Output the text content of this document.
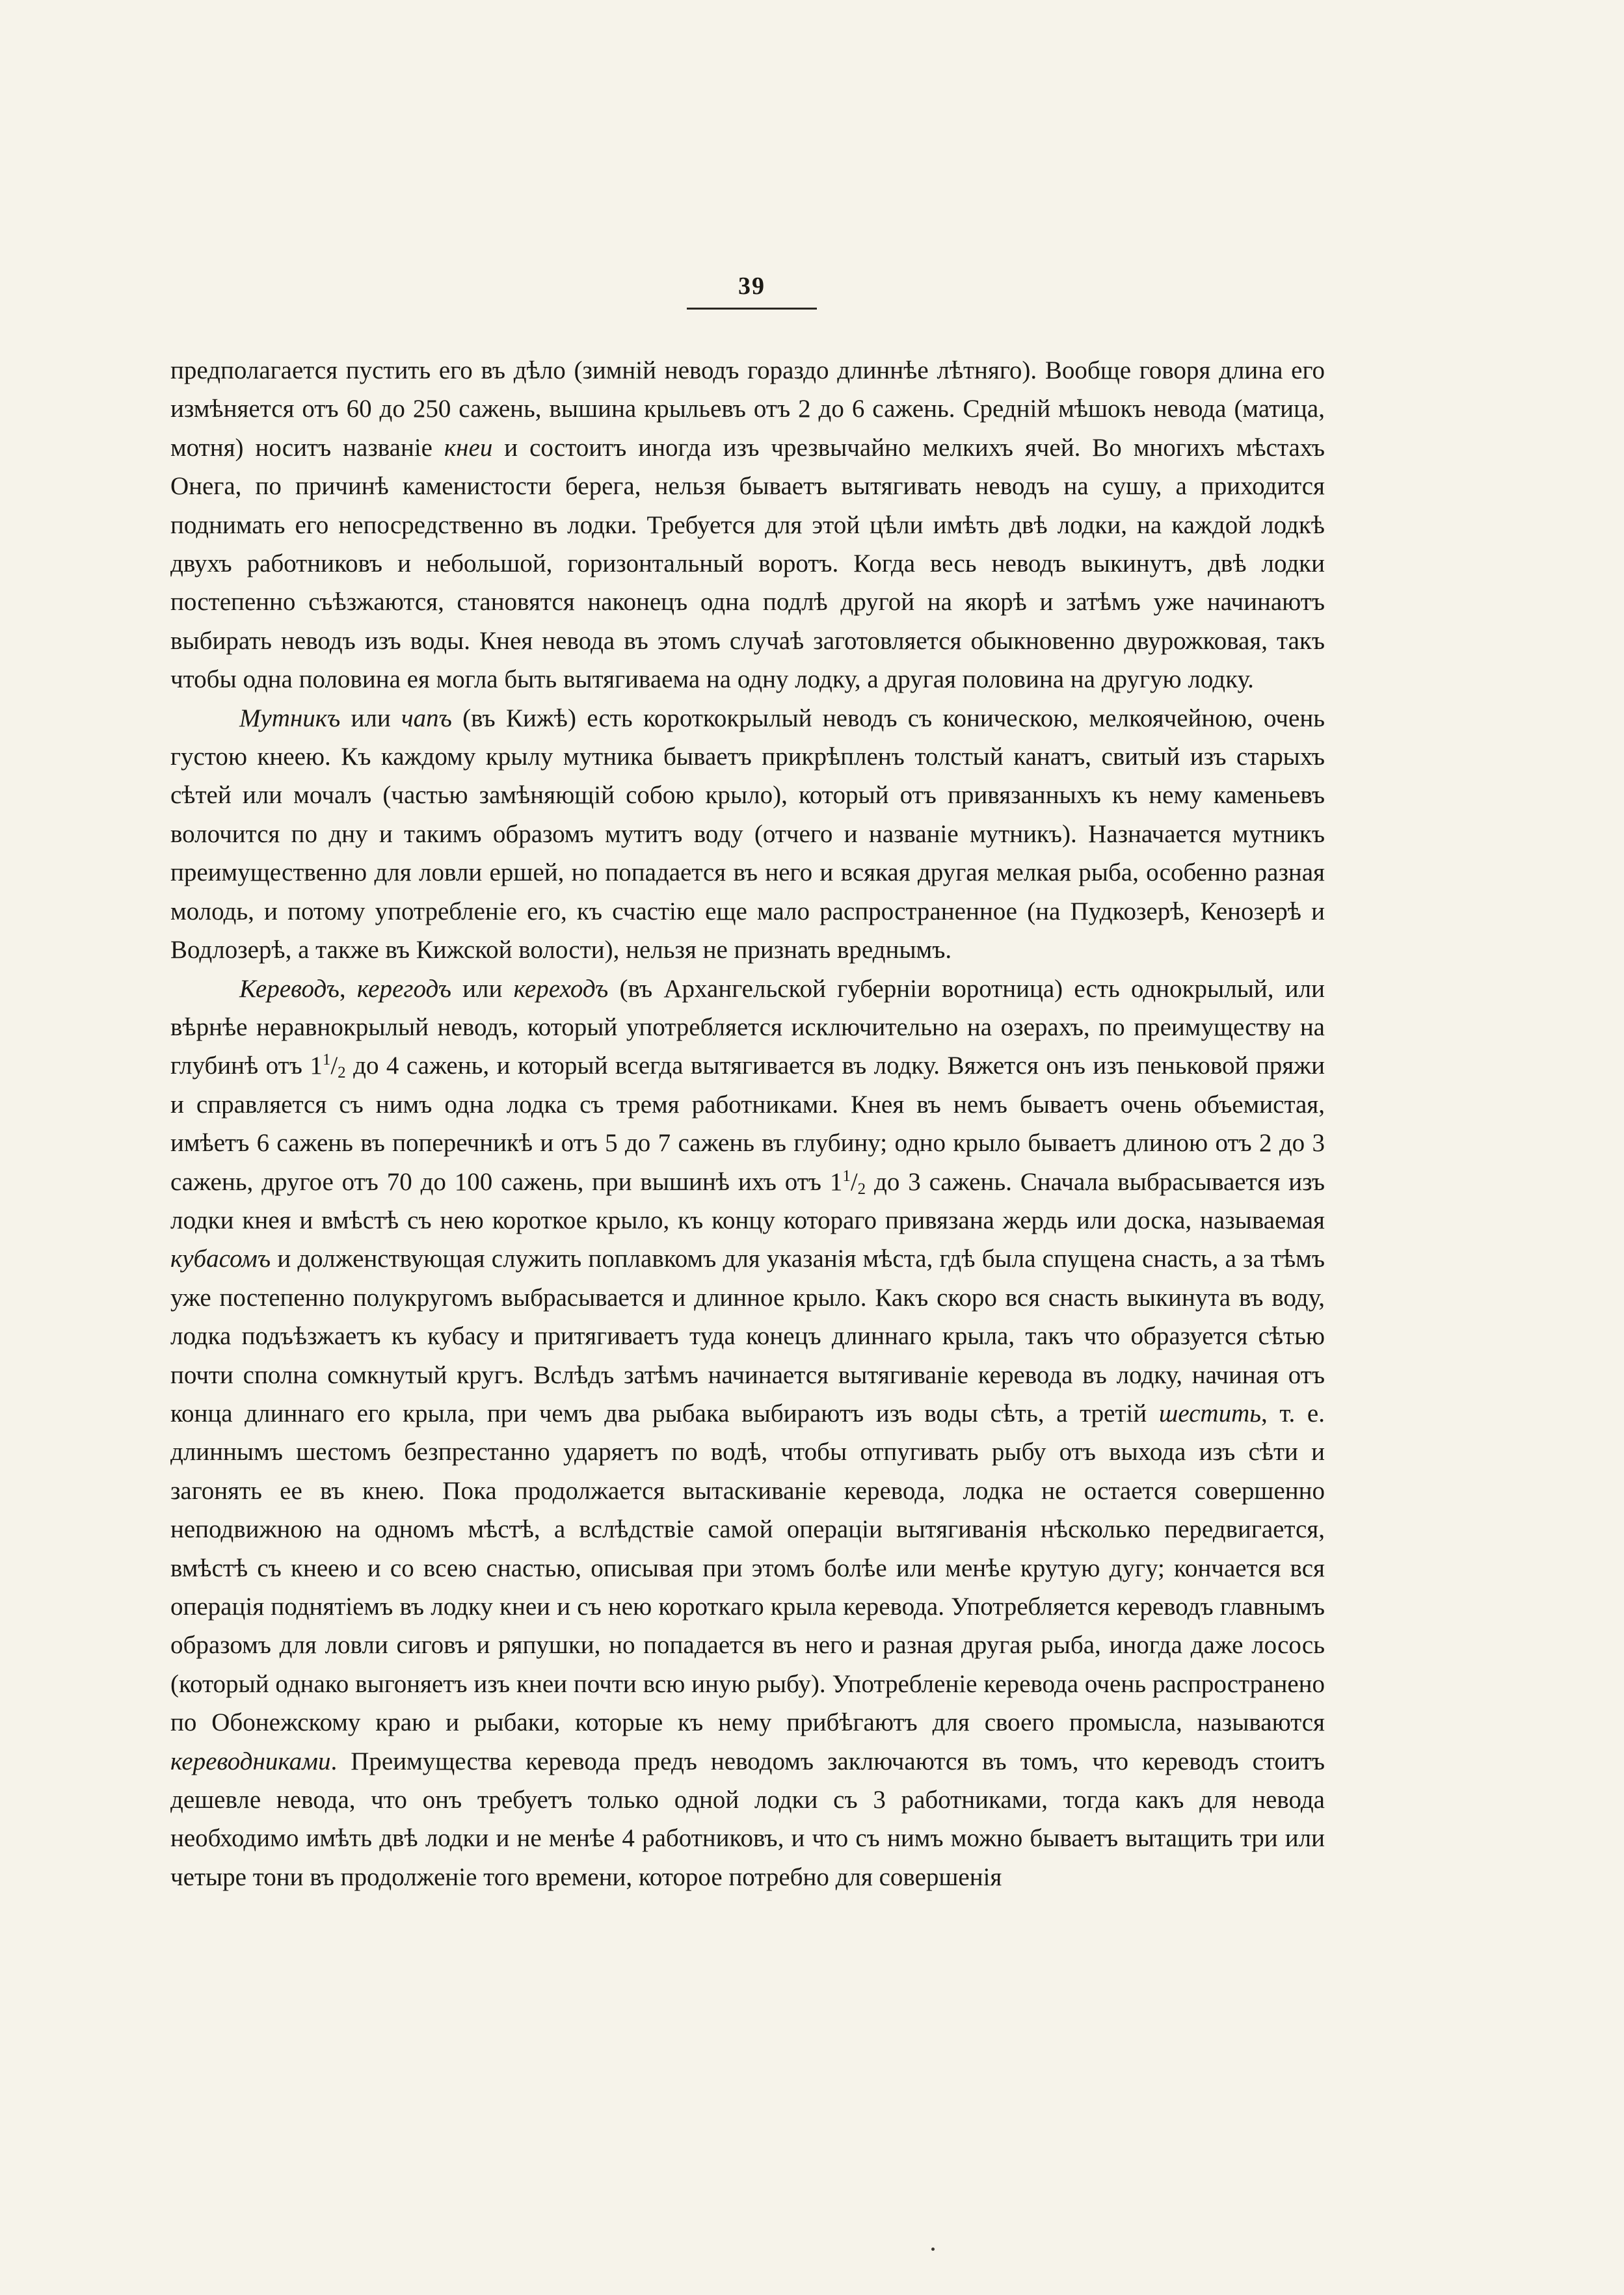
39

предполагается пустить его въ дѣло (зимній неводъ гораздо длиннѣе лѣтняго). Вообще говоря длина его измѣняется отъ 60 до 250 сажень, вышина крыльевъ отъ 2 до 6 сажень. Средній мѣшокъ невода (матица, мотня) носитъ названіе кнеи и состоитъ иногда изъ чрезвычайно мелкихъ ячей. Во многихъ мѣстахъ Онега, по причинѣ каменистости берега, нельзя бываетъ вытягивать неводъ на сушу, а приходится поднимать его непосредственно въ лодки. Требуется для этой цѣли имѣть двѣ лодки, на каждой лодкѣ двухъ работниковъ и небольшой, горизонтальный воротъ. Когда весь неводъ выкинутъ, двѣ лодки постепенно съѣзжаются, становятся наконецъ одна подлѣ другой на якорѣ и затѣмъ уже начинаютъ выбирать неводъ изъ воды. Кнея невода въ этомъ случаѣ заготовляется обыкновенно двурожковая, такъ чтобы одна половина ея могла быть вытягиваема на одну лодку, а другая половина на другую лодку.

Мутникъ или чапъ (въ Кижѣ) есть короткокрылый неводъ съ коническою, мелкоячейною, очень густою кнеею. Къ каждому крылу мутника бываетъ прикрѣпленъ толстый канатъ, свитый изъ старыхъ сѣтей или мочалъ (частью замѣняющій собою крыло), который отъ привязанныхъ къ нему каменьевъ волочится по дну и такимъ образомъ мутитъ воду (отчего и названіе мутникъ). Назначается мутникъ преимущественно для ловли ершей, но попадается въ него и всякая другая мелкая рыба, особенно разная молодь, и потому употребленіе его, къ счастію еще мало распространенное (на Пудкозерѣ, Кенозерѣ и Водлозерѣ, а также въ Кижской волости), нельзя не признать вреднымъ.

Кереводъ, керегодъ или кереходъ (въ Архангельской губерніи воротница) есть однокрылый, или вѣрнѣе неравнокрылый неводъ, который употребляется исключительно на озерахъ, по преимуществу на глубинѣ отъ $1^1/_2$ до 4 сажень, и который всегда вытягивается въ лодку. Вяжется онъ изъ пеньковой пряжи и справляется съ нимъ одна лодка съ тремя работниками. Кнея въ немъ бываетъ очень объемистая, имѣетъ 6 сажень въ поперечникѣ и отъ 5 до 7 сажень въ глубину; одно крыло бываетъ длиною отъ 2 до 3 сажень, другое отъ 70 до 100 сажень, при вышинѣ ихъ отъ $1^1/_2$ до 3 сажень. Сначала выбрасывается изъ лодки кнея и вмѣстѣ съ нею короткое крыло, къ концу котораго привязана жердь или доска, называемая кубасомъ и долженствующая служить поплавкомъ для указанія мѣста, гдѣ была спущена снасть, а за тѣмъ уже постепенно полукругомъ выбрасывается и длинное крыло. Какъ скоро вся снасть выкинута въ воду, лодка подъѣзжаетъ къ кубасу и притягиваетъ туда конецъ длиннаго крыла, такъ что образуется сѣтью почти сполна сомкнутый кругъ. Вслѣдъ затѣмъ начинается вытягиваніе керевода въ лодку, начиная отъ конца длиннаго его крыла, при чемъ два рыбака выбираютъ изъ воды сѣть, а третій шестить, т. е. длиннымъ шестомъ безпрестанно ударяетъ по водѣ, чтобы отпугивать рыбу отъ выхода изъ сѣти и загонять ее въ кнею. Пока продолжается вытаскиваніе керевода, лодка не остается совершенно неподвижною на одномъ мѣстѣ, а вслѣдствіе самой операціи вытягиванія нѣсколько передвигается, вмѣстѣ съ кнеею и со всею снастью, описывая при этомъ болѣе или менѣе крутую дугу; кончается вся операція поднятіемъ въ лодку кнеи и съ нею короткаго крыла керевода. Употребляется кереводъ главнымъ образомъ для ловли сиговъ и ряпушки, но попадается въ него и разная другая рыба, иногда даже лосось (который однако выгоняетъ изъ кнеи почти всю иную рыбу). Употребленіе керевода очень распространено по Обонежскому краю и рыбаки, которые къ нему прибѣгаютъ для своего промысла, называются кереводниками. Преимущества керевода предъ неводомъ заключаются въ томъ, что кереводъ стоитъ дешевле невода, что онъ требуетъ только одной лодки съ 3 работниками, тогда какъ для невода необходимо имѣть двѣ лодки и не менѣе 4 работниковъ, и что съ нимъ можно бываетъ вытащить три или четыре тони въ продолженіе того времени, которое потребно для совершенія
